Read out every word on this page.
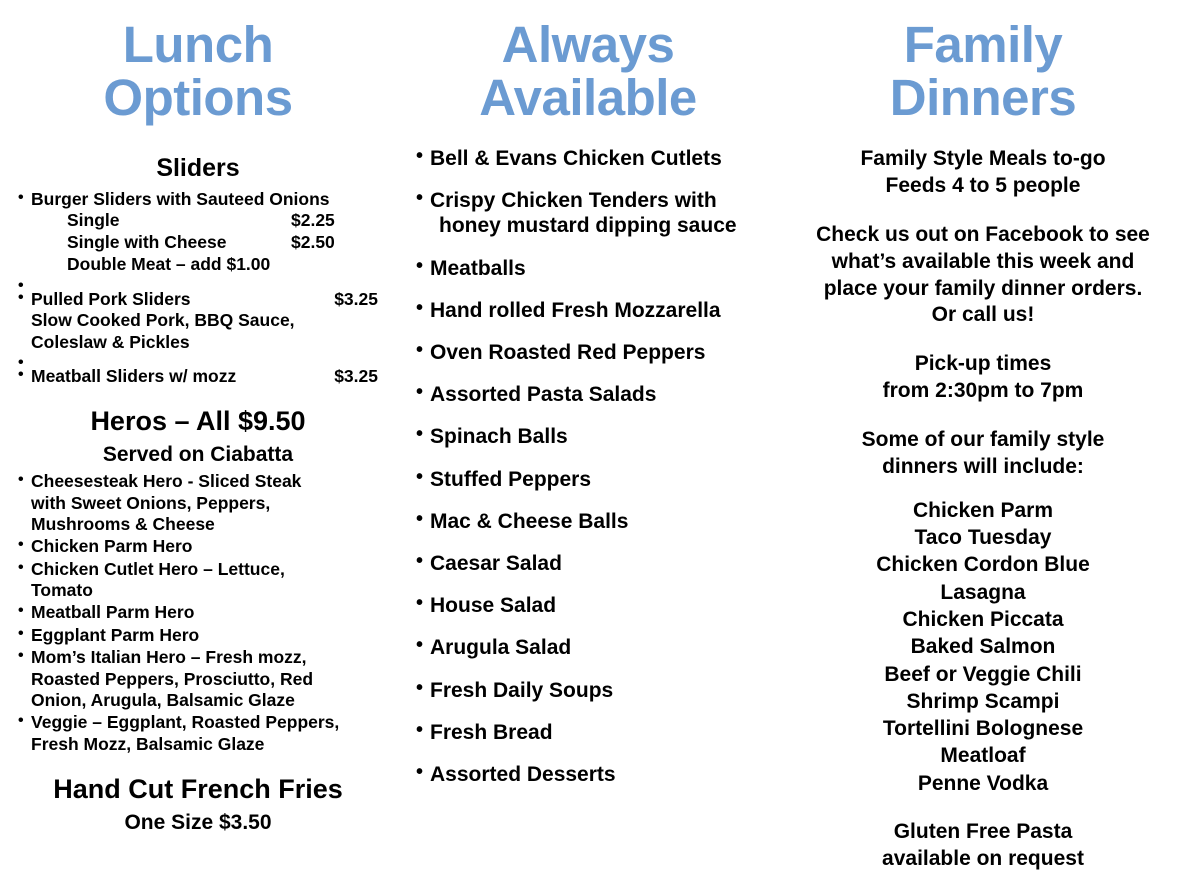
Lunch
Options
Sliders
• Burger Sliders with Sauteed Onions
Single	$2.25
Single with Cheese	$2.50
Double Meat – add $1.00
•
• Pulled Pork Sliders	$3.25
Slow Cooked Pork, BBQ Sauce,
Coleslaw & Pickles
•
• Meatball Sliders w/ mozz	$3.25
Heros – All $9.50
Served on Ciabatta
• Cheesesteak Hero - Sliced Steak
with Sweet Onions, Peppers,
Mushrooms & Cheese
• Chicken Parm Hero
• Chicken Cutlet Hero – Lettuce,
Tomato
• Meatball Parm Hero
• Eggplant Parm Hero
• Mom’s Italian Hero – Fresh mozz,
Roasted Peppers, Prosciutto, Red
Onion, Arugula, Balsamic Glaze
• Veggie – Eggplant, Roasted Peppers,
Fresh Mozz, Balsamic Glaze
Hand Cut French Fries
One Size $3.50
Always
Available
• Bell & Evans Chicken Cutlets
• Crispy Chicken Tenders with
honey mustard dipping sauce
• Meatballs
• Hand rolled Fresh Mozzarella
• Oven Roasted Red Peppers
• Assorted Pasta Salads
• Spinach Balls
• Stuffed Peppers
• Mac & Cheese Balls
• Caesar Salad
• House Salad
• Arugula Salad
• Fresh Daily Soups
• Fresh Bread
• Assorted Desserts
Family
Dinners
Family Style Meals to-go
Feeds 4 to 5 people
Check us out on Facebook to see
what’s available this week and
place your family dinner orders.
Or call us!
Pick-up times
from 2:30pm to 7pm
Some of our family style
dinners will include:
Chicken Parm
Taco Tuesday
Chicken Cordon Blue
Lasagna
Chicken Piccata
Baked Salmon
Beef or Veggie Chili
Shrimp Scampi
Tortellini Bolognese
Meatloaf
Penne Vodka
Gluten Free Pasta
available on request
